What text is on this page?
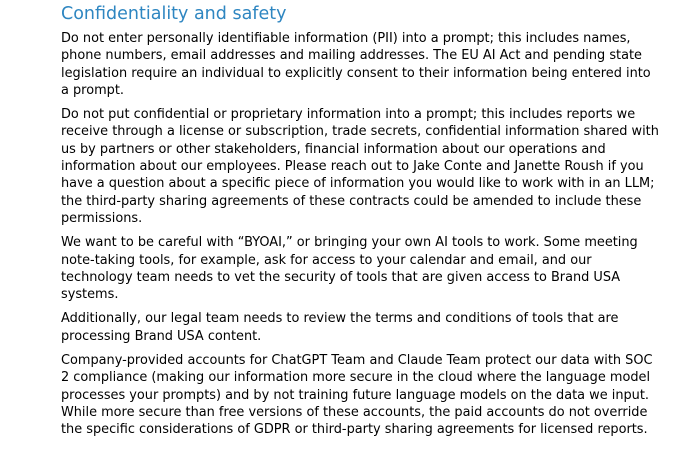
Confidentiality and safety

Do not enter personally identifiable information (PII) into a prompt; this includes names, phone numbers, email addresses and mailing addresses. The EU AI Act and pending state legislation require an individual to explicitly consent to their information being entered into a prompt.

Do not put confidential or proprietary information into a prompt; this includes reports we receive through a license or subscription, trade secrets, confidential information shared with us by partners or other stakeholders, financial information about our operations and information about our employees. Please reach out to Jake Conte and Janette Roush if you have a question about a specific piece of information you would like to work with in an LLM; the third-party sharing agreements of these contracts could be amended to include these permissions.

We want to be careful with “BYOAI,” or bringing your own AI tools to work. Some meeting note-taking tools, for example, ask for access to your calendar and email, and our technology team needs to vet the security of tools that are given access to Brand USA systems.

Additionally, our legal team needs to review the terms and conditions of tools that are processing Brand USA content.

Company-provided accounts for ChatGPT Team and Claude Team protect our data with SOC 2 compliance (making our information more secure in the cloud where the language model processes your prompts) and by not training future language models on the data we input. While more secure than free versions of these accounts, the paid accounts do not override the specific considerations of GDPR or third-party sharing agreements for licensed reports.
